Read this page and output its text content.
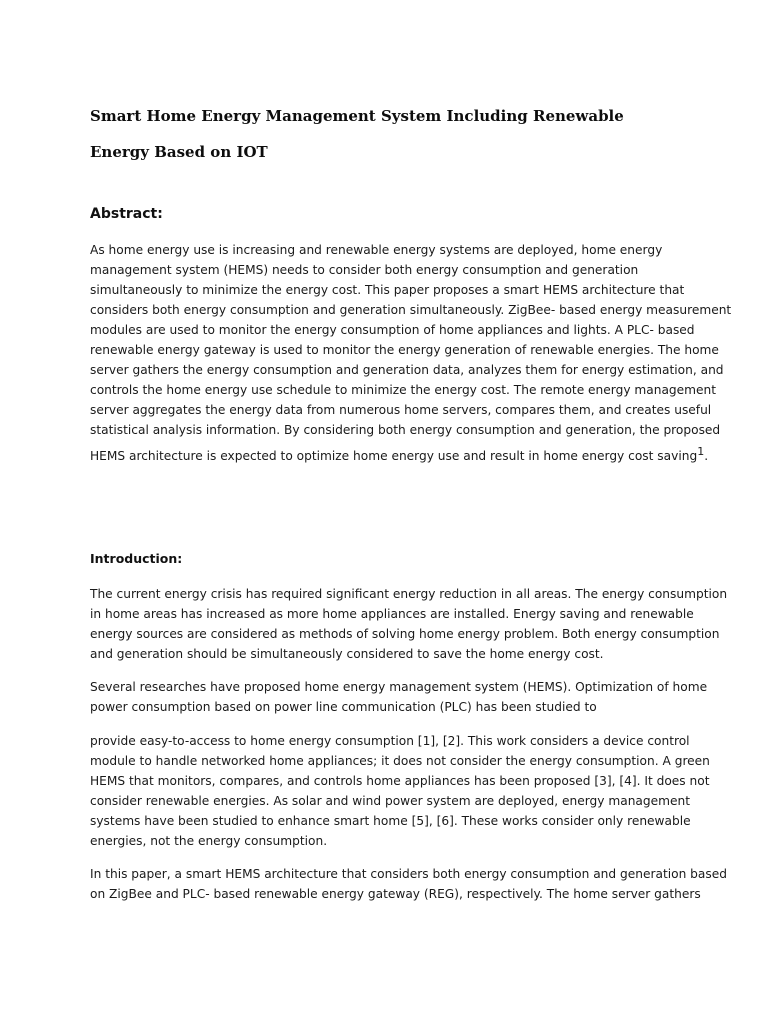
Smart Home Energy Management System Including Renewable
Energy Based on IOT
Abstract:

As home energy use is increasing and renewable energy systems are deployed, home energy
management system (HEMS) needs to consider both energy consumption and generation
simultaneously to minimize the energy cost. This paper proposes a smart HEMS architecture that
considers both energy consumption and generation simultaneously. ZigBee- based energy measurement
modules are used to monitor the energy consumption of home appliances and lights. A PLC- based
renewable energy gateway is used to monitor the energy generation of renewable energies. The home
server gathers the energy consumption and generation data, analyzes them for energy estimation, and
controls the home energy use schedule to minimize the energy cost. The remote energy management
server aggregates the energy data from numerous home servers, compares them, and creates useful
statistical analysis information. By considering both energy consumption and generation, the proposed
HEMS architecture is expected to optimize home energy use and result in home energy cost saving$^1$.

Introduction:

The current energy crisis has required significant energy reduction in all areas. The energy consumption
in home areas has increased as more home appliances are installed. Energy saving and renewable
energy sources are considered as methods of solving home energy problem. Both energy consumption
and generation should be simultaneously considered to save the home energy cost.

Several researches have proposed home energy management system (HEMS). Optimization of home
power consumption based on power line communication (PLC) has been studied to

provide easy-to-access to home energy consumption [1], [2]. This work considers a device control
module to handle networked home appliances; it does not consider the energy consumption. A green
HEMS that monitors, compares, and controls home appliances has been proposed [3], [4]. It does not
consider renewable energies. As solar and wind power system are deployed, energy management
systems have been studied to enhance smart home [5], [6]. These works consider only renewable
energies, not the energy consumption.

In this paper, a smart HEMS architecture that considers both energy consumption and generation based
on ZigBee and PLC- based renewable energy gateway (REG), respectively. The home server gathers
